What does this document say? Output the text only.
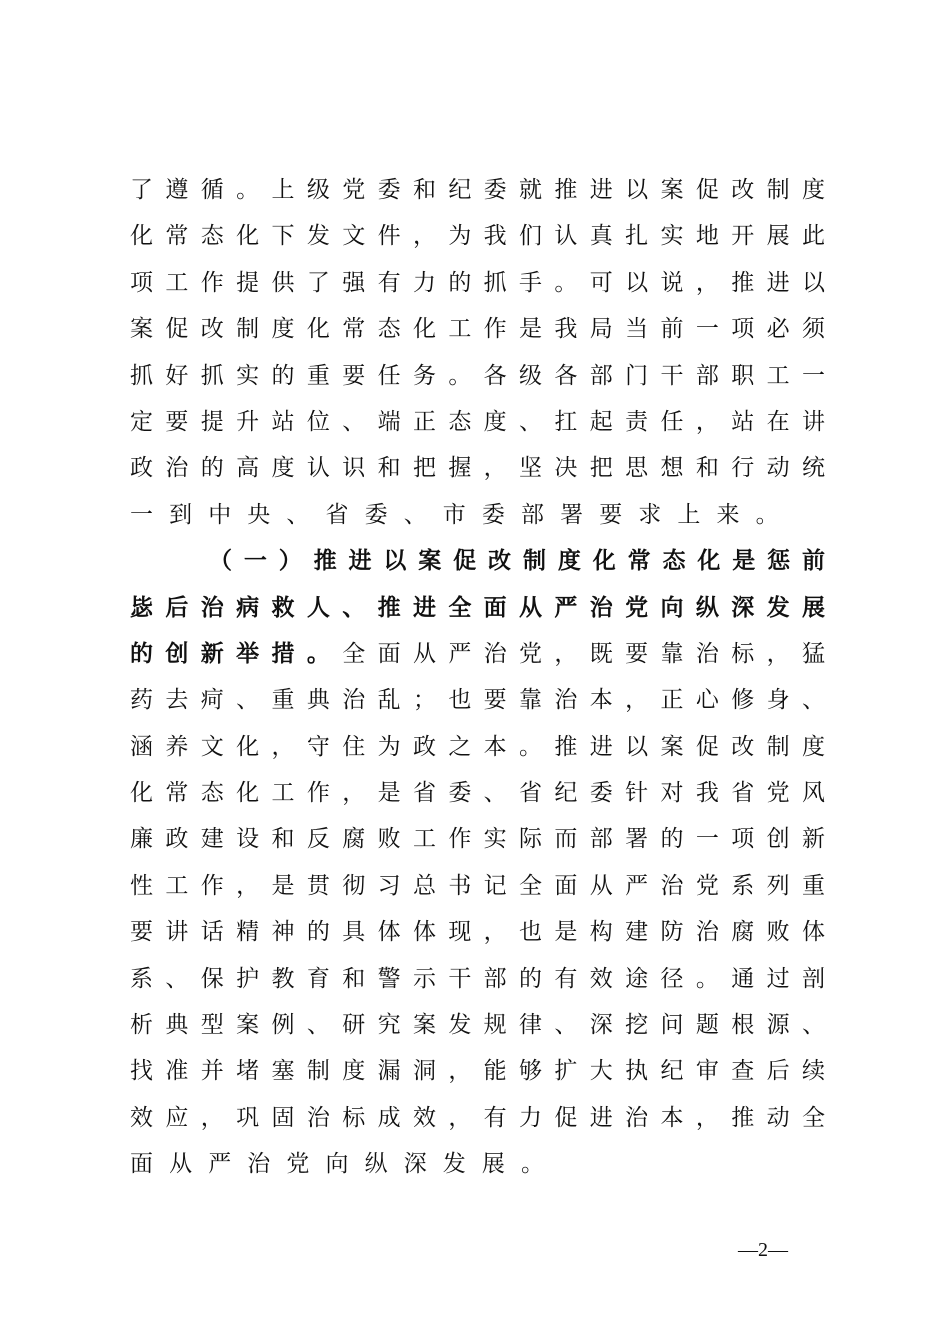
了遵循。上级党委和纪委就推进以案促改制度
化常态化下发文件，为我们认真扎实地开展此
项工作提供了强有力的抓手。可以说，推进以
案促改制度化常态化工作是我局当前一项必须
抓好抓实的重要任务。各级各部门干部职工一
定要提升站位、端正态度、扛起责任，站在讲
政治的高度认识和把握，坚决把思想和行动统
一到中央、省委、市委部署要求上来。
（一）推进以案促改制度化常态化是惩前
毖后治病救人、推进全面从严治党向纵深发展
的创新举措。全面从严治党，既要靠治标，猛
药去疴、重典治乱；也要靠治本，正心修身、
涵养文化，守住为政之本。推进以案促改制度
化常态化工作，是省委、省纪委针对我省党风
廉政建设和反腐败工作实际而部署的一项创新
性工作，是贯彻习总书记全面从严治党系列重
要讲话精神的具体体现，也是构建防治腐败体
系、保护教育和警示干部的有效途径。通过剖
析典型案例、研究案发规律、深挖问题根源、
找准并堵塞制度漏洞，能够扩大执纪审查后续
效应，巩固治标成效，有力促进治本，推动全
面从严治党向纵深发展。
—2—
